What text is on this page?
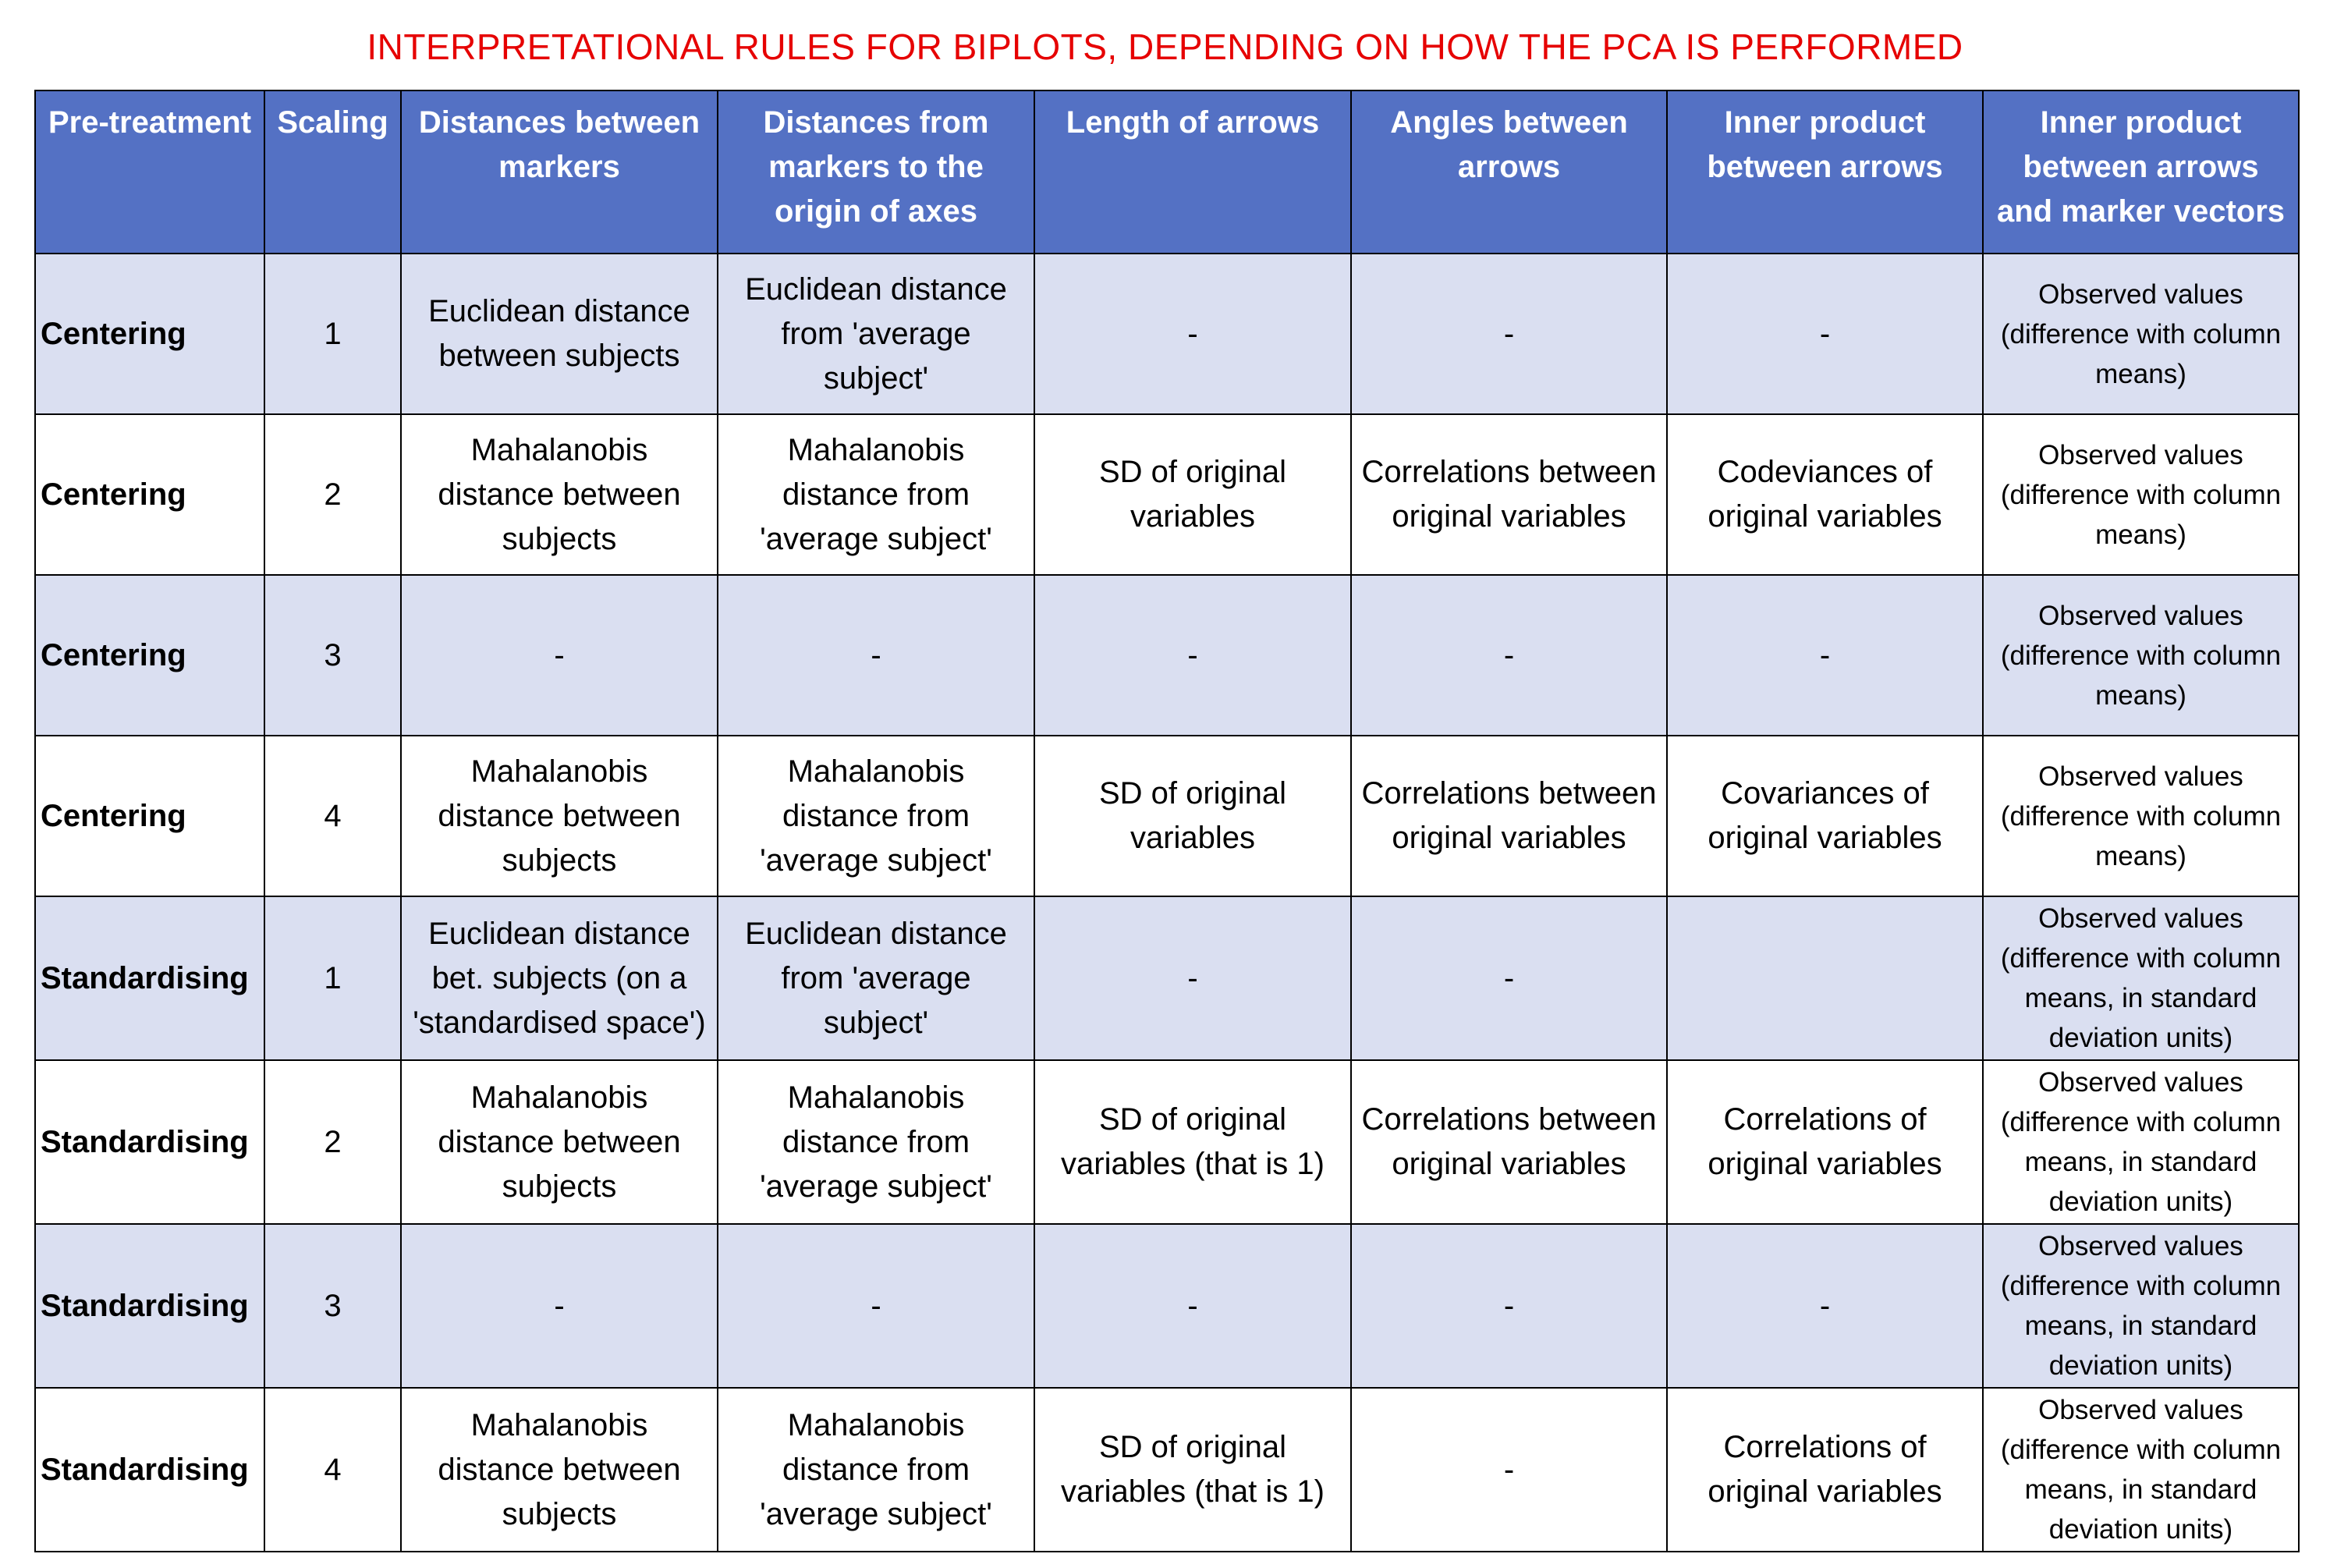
INTERPRETATIONAL RULES FOR BIPLOTS, DEPENDING ON HOW THE PCA IS PERFORMED
Pre-treatment	Scaling	Distances between markers	Distances from markers to the origin of axes	Length of arrows	Angles between arrows	Inner product between arrows	Inner product between arrows and marker vectors
Centering	1	Euclidean distance between subjects	Euclidean distance from 'average subject'	-	-	-	Observed values (difference with column means)
Centering	2	Mahalanobis distance between subjects	Mahalanobis distance from 'average subject'	SD of original variables	Correlations between original variables	Codeviances of original variables	Observed values (difference with column means)
Centering	3	-	-	-	-	-	Observed values (difference with column means)
Centering	4	Mahalanobis distance between subjects	Mahalanobis distance from 'average subject'	SD of original variables	Correlations between original variables	Covariances of original variables	Observed values (difference with column means)
Standardising	1	Euclidean distance bet. subjects (on a 'standardised space')	Euclidean distance from 'average subject'	-	-		Observed values (difference with column means, in standard deviation units)
Standardising	2	Mahalanobis distance between subjects	Mahalanobis distance from 'average subject'	SD of original variables (that is 1)	Correlations between original variables	Correlations of original variables	Observed values (difference with column means, in standard deviation units)
Standardising	3	-	-	-	-	-	Observed values (difference with column means, in standard deviation units)
Standardising	4	Mahalanobis distance between subjects	Mahalanobis distance from 'average subject'	SD of original variables (that is 1)	-	Correlations of original variables	Observed values (difference with column means, in standard deviation units)
